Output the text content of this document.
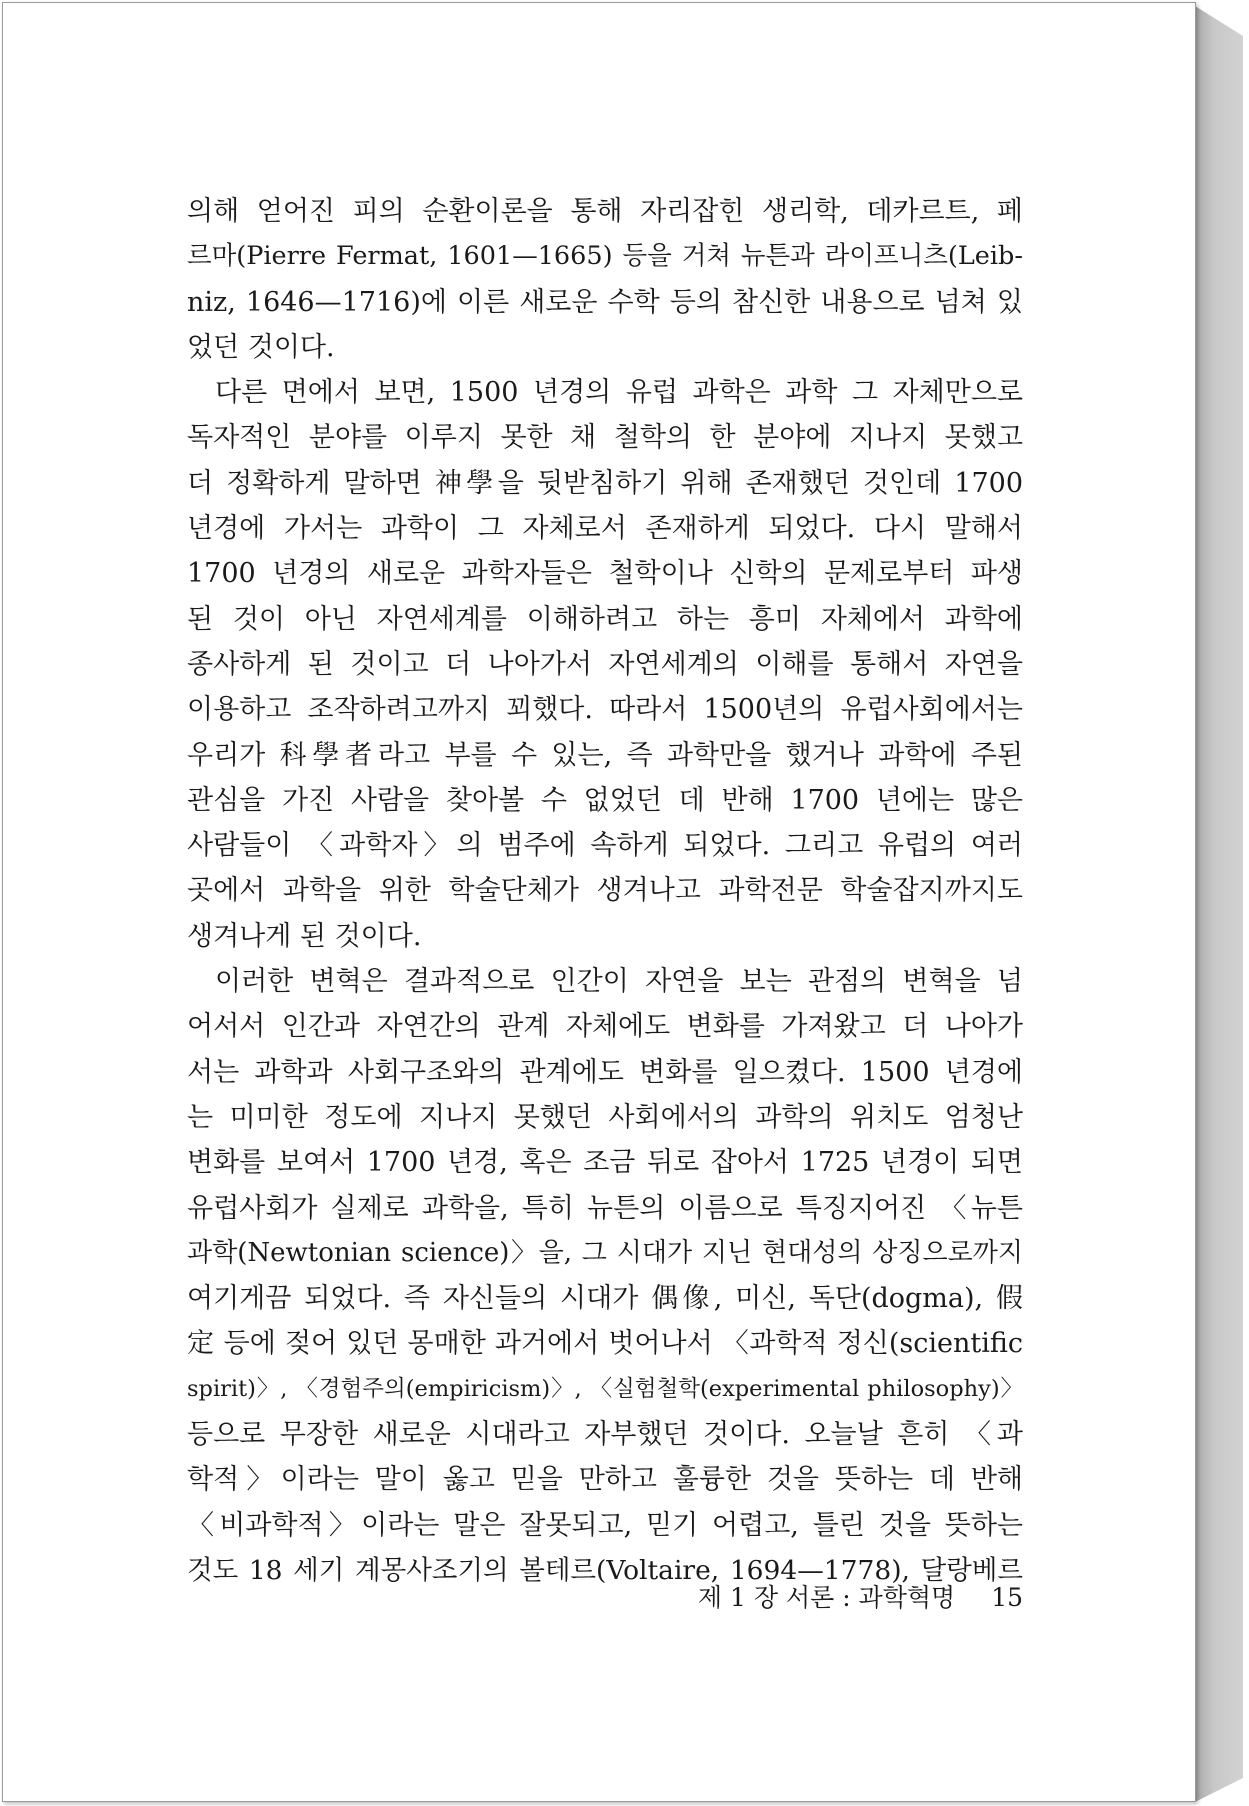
의해 얻어진 피의 순환이론을 통해 자리잡힌 생리학, 데카르트, 페
르마(Pierre Fermat, 1601—1665) 등을 거쳐 뉴튼과 라이프니츠(Leib-
niz, 1646—1716)에 이른 새로운 수학 등의 참신한 내용으로 넘쳐 있
었던 것이다.
다른 면에서 보면, 1500 년경의 유럽 과학은 과학 그 자체만으로
독자적인 분야를 이루지 못한 채 철학의 한 분야에 지나지 못했고
더 정확하게 말하면 神學을 뒷받침하기 위해 존재했던 것인데 1700
년경에 가서는 과학이 그 자체로서 존재하게 되었다. 다시 말해서
1700 년경의 새로운 과학자들은 철학이나 신학의 문제로부터 파생
된 것이 아닌 자연세계를 이해하려고 하는 흥미 자체에서 과학에
종사하게 된 것이고 더 나아가서 자연세계의 이해를 통해서 자연을
이용하고 조작하려고까지 꾀했다. 따라서 1500년의 유럽사회에서는
우리가 科學者라고 부를 수 있는, 즉 과학만을 했거나 과학에 주된
관심을 가진 사람을 찾아볼 수 없었던 데 반해 1700 년에는 많은
사람들이 〈과학자〉의 범주에 속하게 되었다. 그리고 유럽의 여러
곳에서 과학을 위한 학술단체가 생겨나고 과학전문 학술잡지까지도
생겨나게 된 것이다.
이러한 변혁은 결과적으로 인간이 자연을 보는 관점의 변혁을 넘
어서서 인간과 자연간의 관계 자체에도 변화를 가져왔고 더 나아가
서는 과학과 사회구조와의 관계에도 변화를 일으켰다. 1500 년경에
는 미미한 정도에 지나지 못했던 사회에서의 과학의 위치도 엄청난
변화를 보여서 1700 년경, 혹은 조금 뒤로 잡아서 1725 년경이 되면
유럽사회가 실제로 과학을, 특히 뉴튼의 이름으로 특징지어진 〈뉴튼
과학(Newtonian science)〉을, 그 시대가 지닌 현대성의 상징으로까지
여기게끔 되었다. 즉 자신들의 시대가 偶像, 미신, 독단(dogma), 假
定 등에 젖어 있던 몽매한 과거에서 벗어나서 〈과학적 정신(scientific
spirit)〉, 〈경험주의(empiricism)〉, 〈실험철학(experimental philosophy)〉
등으로 무장한 새로운 시대라고 자부했던 것이다. 오늘날 흔히 〈과
학적〉이라는 말이 옳고 믿을 만하고 훌륭한 것을 뜻하는 데 반해
〈비과학적〉이라는 말은 잘못되고, 믿기 어렵고, 틀린 것을 뜻하는
것도 18 세기 계몽사조기의 볼테르(Voltaire, 1694—1778), 달랑베르
제 1 장 서론 : 과학혁명 15
